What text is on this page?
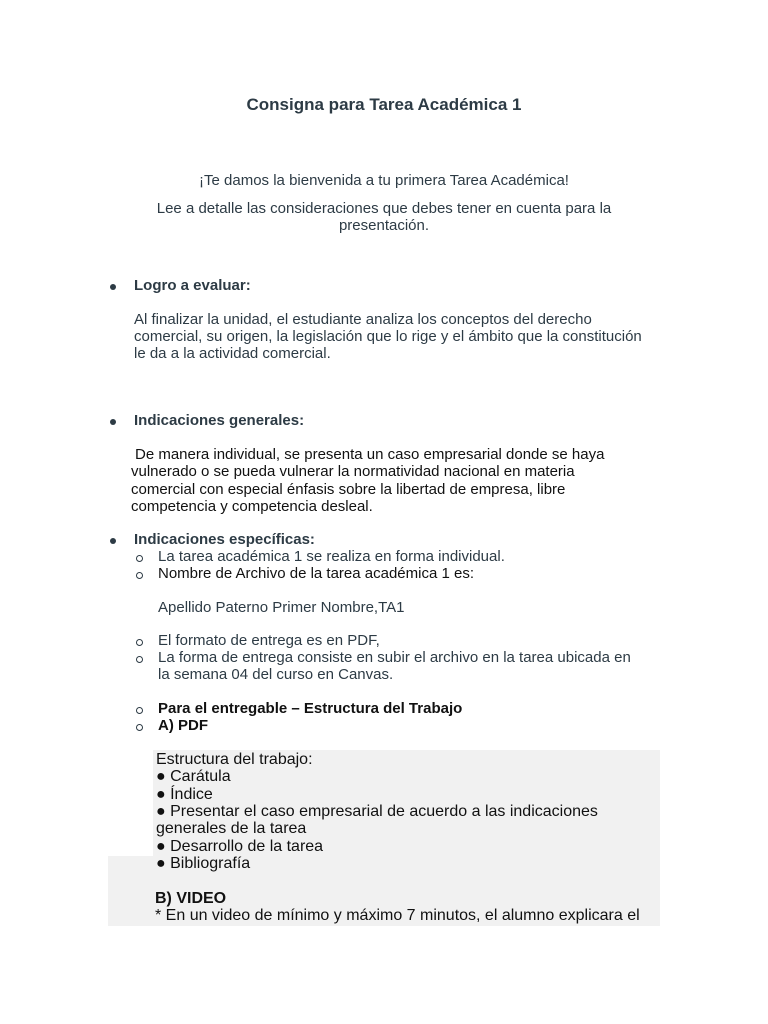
Consigna para Tarea Académica 1
¡Te damos la bienvenida a tu primera Tarea Académica!
Lee a detalle las consideraciones que debes tener en cuenta para la presentación.
Logro a evaluar:
Al finalizar la unidad, el estudiante analiza los conceptos del derecho
comercial, su origen, la legislación que lo rige y el ámbito que la constitución
le da a la actividad comercial.
Indicaciones generales:
De manera individual, se presenta un caso empresarial donde se haya
vulnerado o se pueda vulnerar la normatividad nacional en materia
comercial con especial énfasis sobre la libertad de empresa, libre
competencia y competencia desleal.
Indicaciones específicas:
La tarea académica 1 se realiza en forma individual.
Nombre de Archivo de la tarea académica 1 es:
Apellido Paterno Primer Nombre,TA1
El formato de entrega es en PDF,
La forma de entrega consiste en subir el archivo en la tarea ubicada en
la semana 04 del curso en Canvas.
Para el entregable – Estructura del Trabajo
A) PDF
Estructura del trabajo:
● Carátula
● Índice
● Presentar el caso empresarial de acuerdo a las indicaciones
generales de la tarea
● Desarrollo de la tarea
● Bibliografía
B) VIDEO
* En un video de mínimo y máximo 7 minutos, el alumno explicara el
